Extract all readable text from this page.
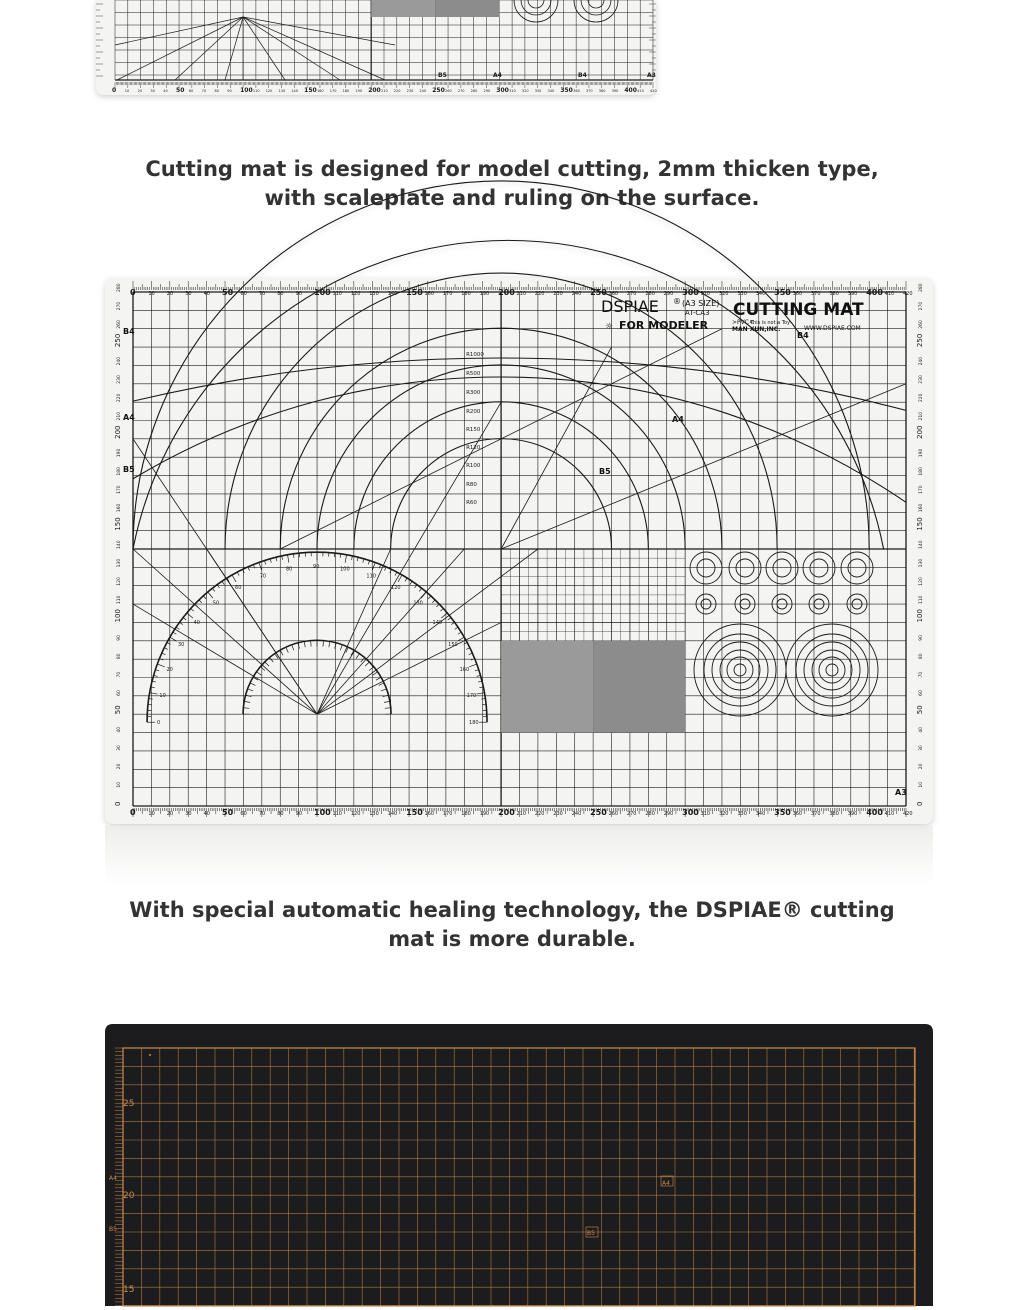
0 10 20 30 40 50 60 70 80 90 100 110 120 130 140 150 160 170 180 190 200 210 220 230 240 250 260 270 280 290 300 310 320 330 340 350 360 370 380 390 400 410 420
B5	A4	B4	A3
Cutting mat is designed for model cutting, 2mm thicken type, with scaleplate and ruling on the surface.
0
10
20
30
40
50
60
70
80	90	100
110
120
130
140
150
160
170
180
0
0
10
10
20
20
30
30
40
40
50
50
60
60
70
70
80
80
90
90
100
100
110
110
120
120
130
130
140
140
150
150
160
160
170
170
180
180
190
190
200
200
210
210
220
220
230
230
240
240
250
250
260
260
270
270
280
280
290
290
300
300
310
310
320
320
330
330
340
340
350
350
360
360
370
370
380
380
390
390
400
400
410
410
420
420
0	0
10	10
20	20
30	30
40	40
50	50
60	60
70	70
80	80
90	90
100	100
110	110
120	120
130	130
140	140
150	150
160	160
170	170
180	180
190	190
200	200
210	210
220	220
230	230
240	240
250	250
260	260
270	270
280	280
DSPIAE ® (A3 SIZE)
AT-CA3 CUTTING MAT
☼ FOR MODELER	>PVC<
This is not a Toy
MAN XUN,INC.	WWW.DSPIAE.COM
B4
A4
B5	B5
A4
B4
A3
R1000
R500
R300
R200
R150
R120
R100
R80
R60
With special automatic healing technology, the DSPIAE® cutting mat is more durable.
25
20
15
A4
B5
A4
B5
